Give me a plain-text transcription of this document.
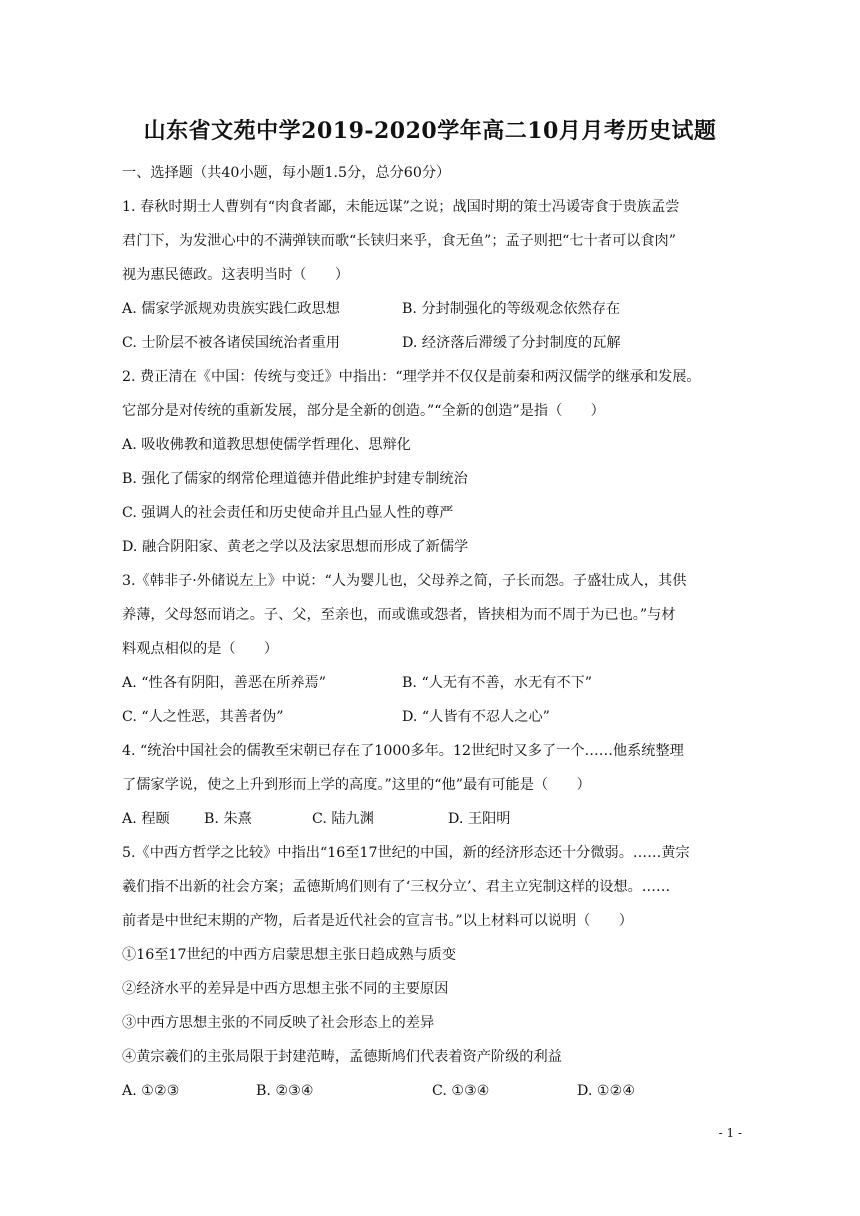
山东省文苑中学2019-2020学年高二10月月考历史试题
一、选择题（共40小题，每小题1.5分，总分60分）
1. 春秋时期士人曹刿有“肉食者鄙，未能远谋”之说；战国时期的策士冯谖寄食于贵族孟尝
君门下，为发泄心中的不满弹铗而歌“长铗归来乎，食无鱼”；孟子则把“七十者可以食肉”
视为惠民德政。这表明当时（　　）
A. 儒家学派规劝贵族实践仁政思想	B. 分封制强化的等级观念依然存在
C. 士阶层不被各诸侯国统治者重用	D. 经济落后滞缓了分封制度的瓦解
2. 费正清在《中国：传统与变迁》中指出：“理学并不仅仅是前秦和两汉儒学的继承和发展。
它部分是对传统的重新发展，部分是全新的创造。”“全新的创造”是指（　　）
A. 吸收佛教和道教思想使儒学哲理化、思辩化
B. 强化了儒家的纲常伦理道德并借此维护封建专制统治
C. 强调人的社会责任和历史使命并且凸显人性的尊严
D. 融合阴阳家、黄老之学以及法家思想而形成了新儒学
3.《韩非子·外储说左上》中说：“人为婴儿也，父母养之简，子长而怨。子盛壮成人，其供
养薄，父母怒而诮之。子、父，至亲也，而或谯或怨者，皆挟相为而不周于为已也。”与材
料观点相似的是（　　）
A. “性各有阴阳，善恶在所养焉”	B. “人无有不善，水无有不下”
C. “人之性恶，其善者伪”	D. “人皆有不忍人之心”
4. “统治中国社会的儒教至宋朝已存在了1000多年。12世纪时又多了一个……他系统整理
了儒家学说，使之上升到形而上学的高度。”这里的“他”最有可能是（　　）
A. 程颐	B. 朱熹	C. 陆九渊	D. 王阳明
5.《中西方哲学之比较》中指出“16至17世纪的中国，新的经济形态还十分微弱。……黄宗
羲们指不出新的社会方案；孟德斯鸠们则有了‘三权分立’、君主立宪制这样的设想。……
前者是中世纪末期的产物，后者是近代社会的宣言书。”以上材料可以说明（　　）
①16至17世纪的中西方启蒙思想主张日趋成熟与质变
②经济水平的差异是中西方思想主张不同的主要原因
③中西方思想主张的不同反映了社会形态上的差异
④黄宗羲们的主张局限于封建范畴，孟德斯鸠们代表着资产阶级的利益
A. ①②③	B. ②③④	C. ①③④	D. ①②④
- 1 -
